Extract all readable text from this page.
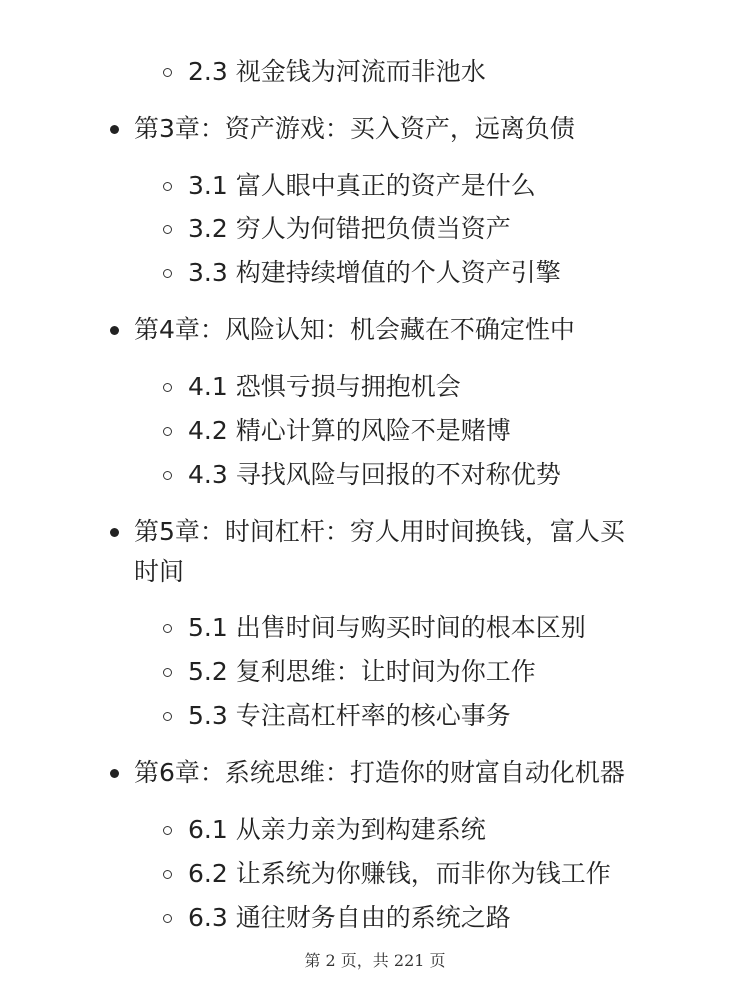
2.3 视金钱为河流而非池水
第3章：资产游戏：买入资产，远离负债
3.1 富人眼中真正的资产是什么
3.2 穷人为何错把负债当资产
3.3 构建持续增值的个人资产引擎
第4章：风险认知：机会藏在不确定性中
4.1 恐惧亏损与拥抱机会
4.2 精心计算的风险不是赌博
4.3 寻找风险与回报的不对称优势
第5章：时间杠杆：穷人用时间换钱，富人买
时间
5.1 出售时间与购买时间的根本区别
5.2 复利思维：让时间为你工作
5.3 专注高杠杆率的核心事务
第6章：系统思维：打造你的财富自动化机器
6.1 从亲力亲为到构建系统
6.2 让系统为你赚钱，而非你为钱工作
6.3 通往财务自由的系统之路
第 2 页，共 221 页
